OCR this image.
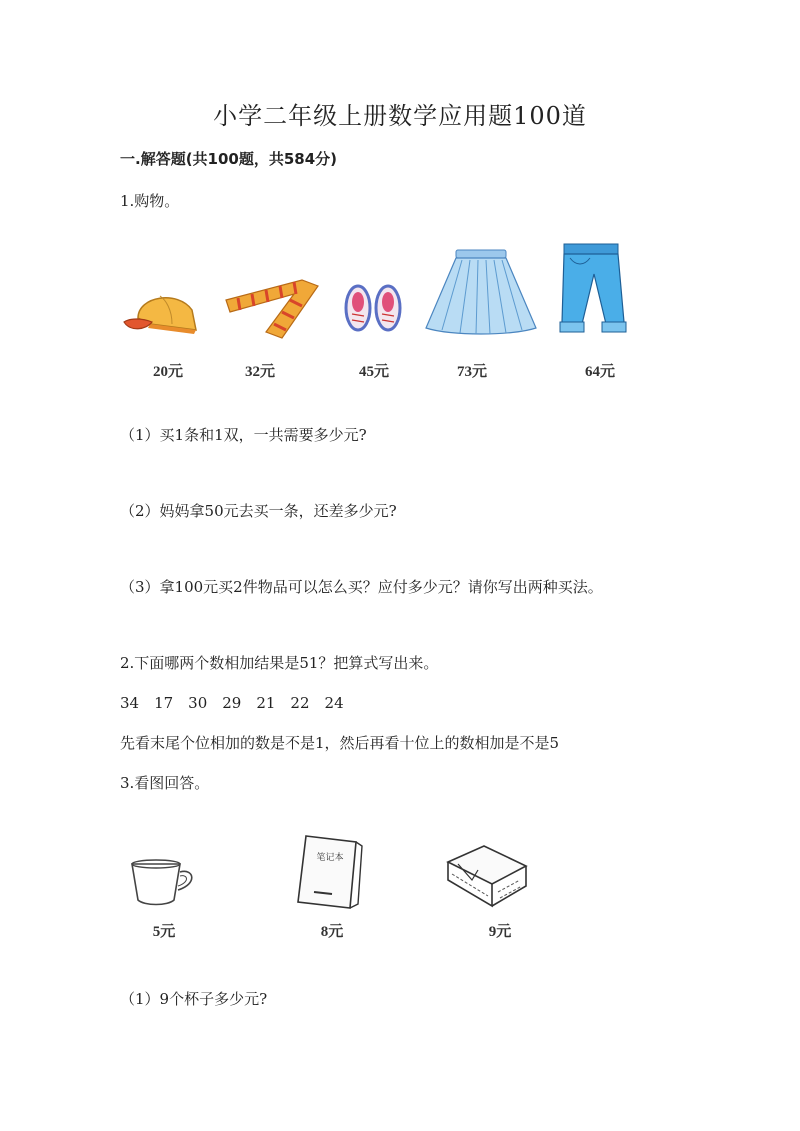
小学二年级上册数学应用题100道
一.解答题(共100题，共584分)
1.购物。
20元	32元	45元	73元	64元
（1）买1条和1双，一共需要多少元?
（2）妈妈拿50元去买一条，还差多少元?
（3）拿100元买2件物品可以怎么买？应付多少元？请你写出两种买法。
2.下面哪两个数相加结果是51？把算式写出来。
34　17　30　29　21　22　24
先看末尾个位相加的数是不是1，然后再看十位上的数相加是不是5
3.看图回答。
笔记本
5元	8元	9元
（1）9个杯子多少元?
